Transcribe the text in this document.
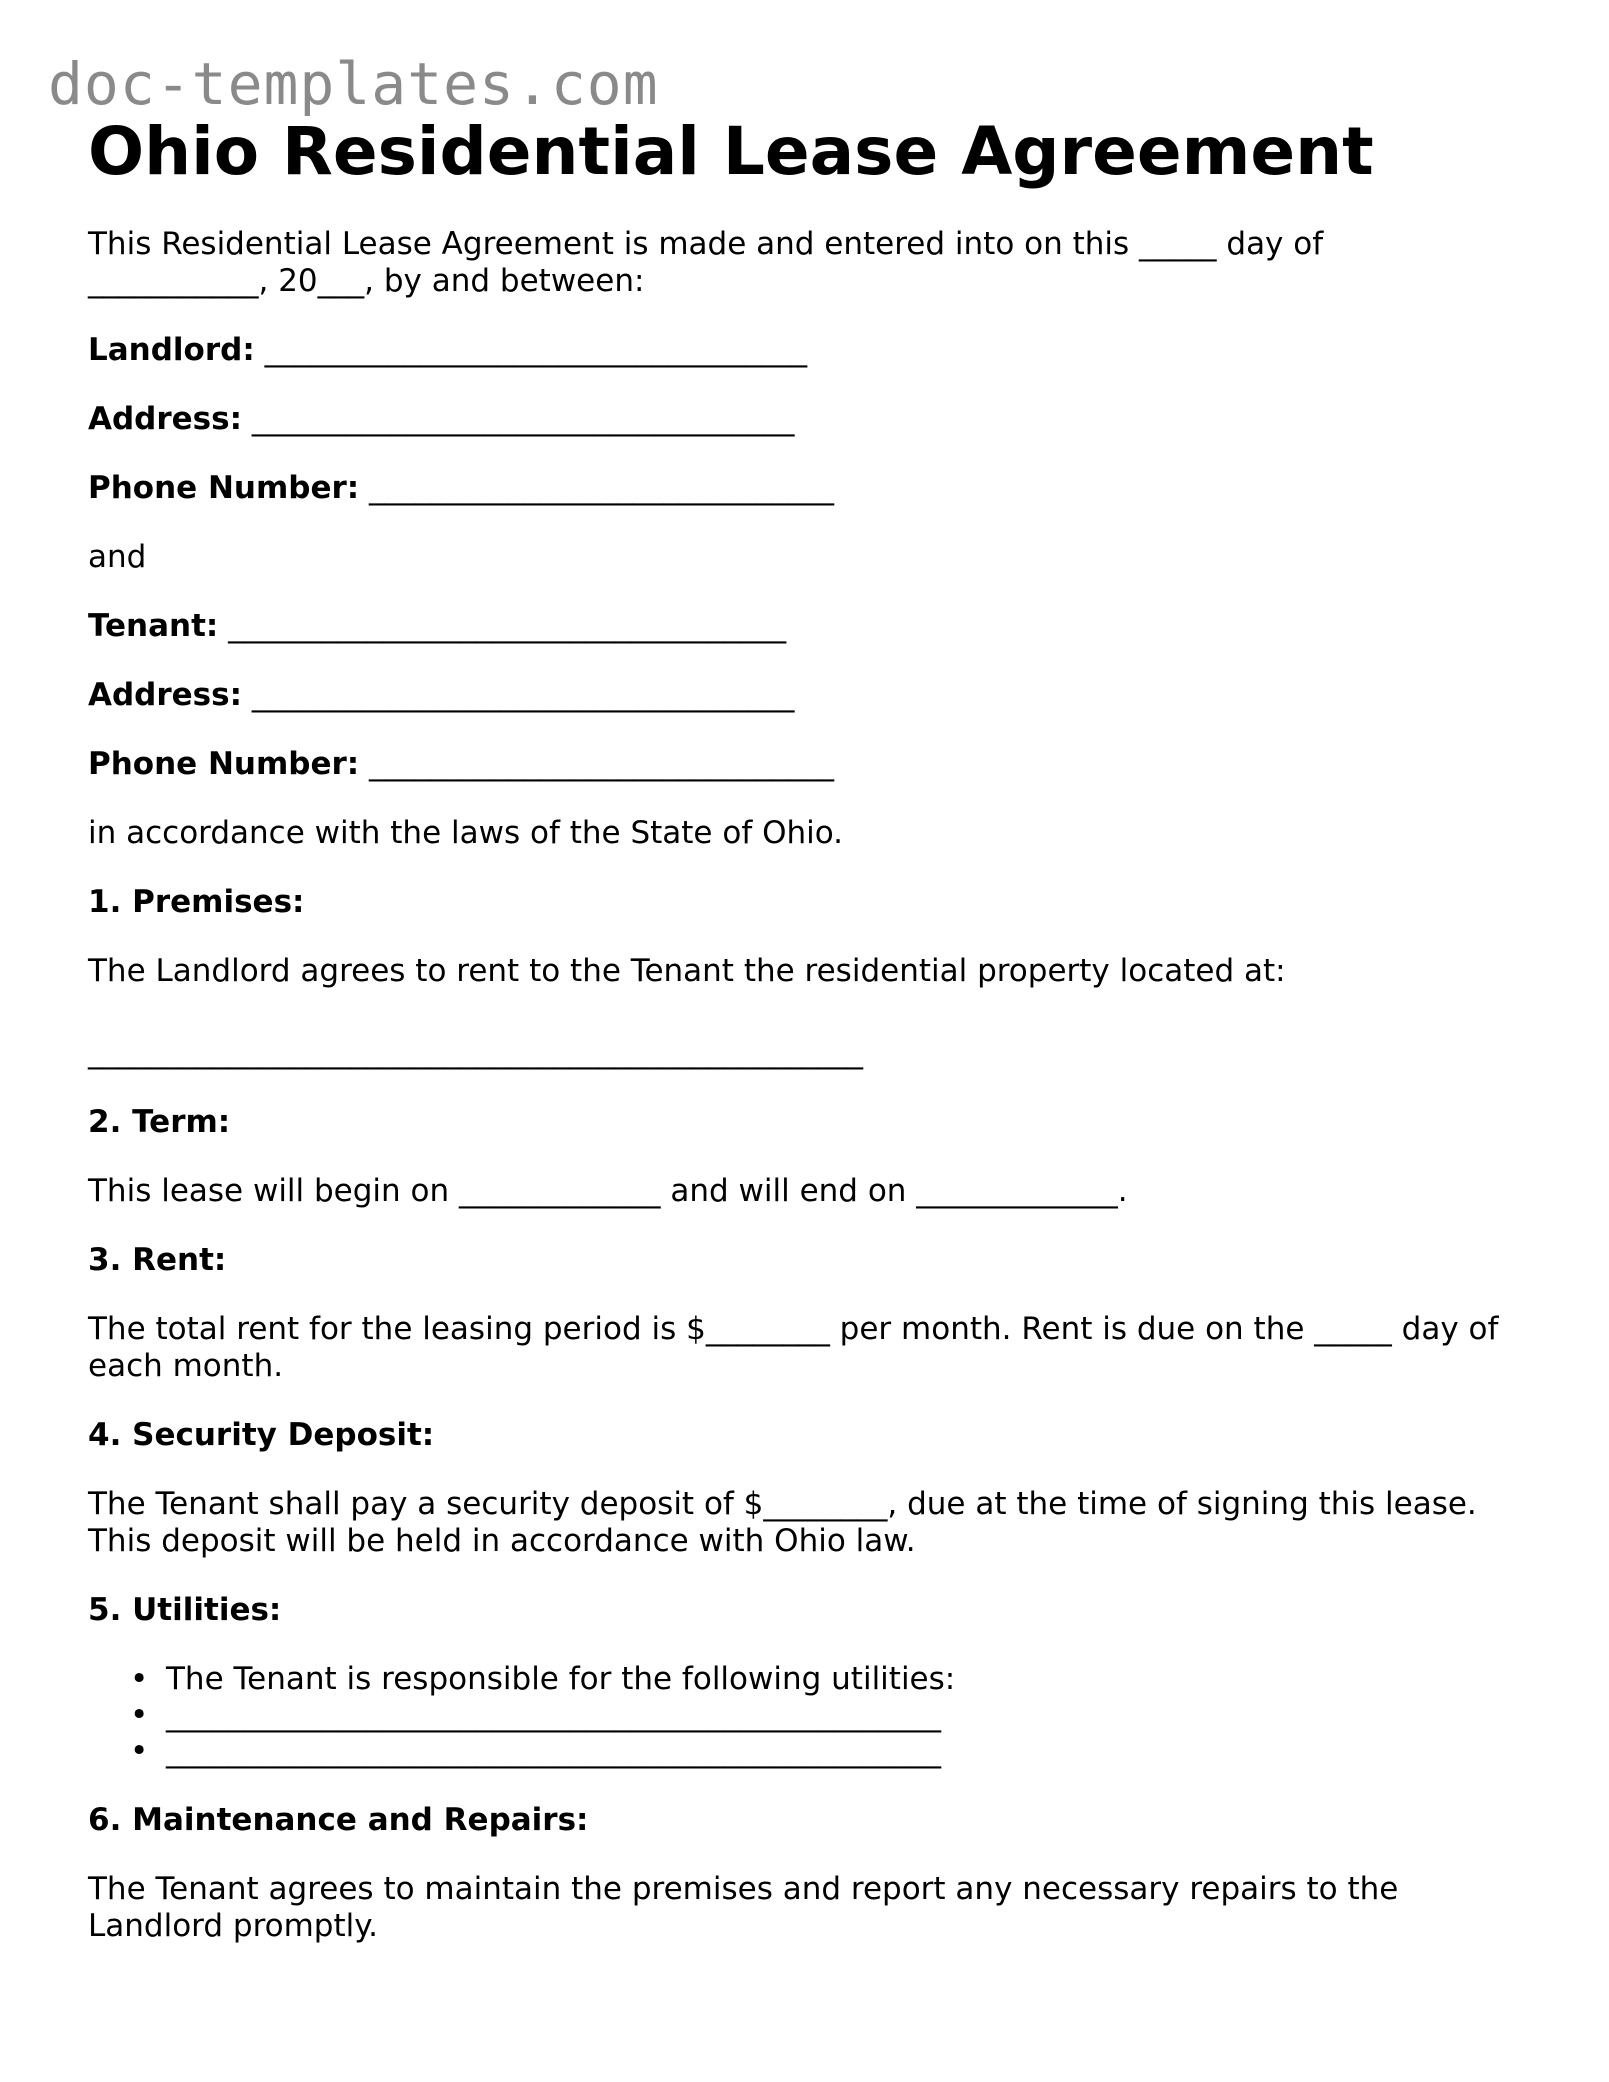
doc-templates.com
Ohio Residential Lease Agreement

This Residential Lease Agreement is made and entered into on this _____ day of

___________, 20___, by and between:

Landlord: ___________________________________

Address: ___________________________________

Phone Number: ______________________________

and

Tenant: ____________________________________

Address: ___________________________________

Phone Number: ______________________________

in accordance with the laws of the State of Ohio.

1. Premises:

The Landlord agrees to rent to the Tenant the residential property located at:

__________________________________________________

2. Term:

This lease will begin on _____________ and will end on _____________.

3. Rent:

The total rent for the leasing period is $________ per month. Rent is due on the _____ day of

each month.

4. Security Deposit:

The Tenant shall pay a security deposit of $________, due at the time of signing this lease.

This deposit will be held in accordance with Ohio law.

5. Utilities:
• The Tenant is responsible for the following utilities:
• __________________________________________________
• __________________________________________________
6. Maintenance and Repairs:

The Tenant agrees to maintain the premises and report any necessary repairs to the

Landlord promptly.
